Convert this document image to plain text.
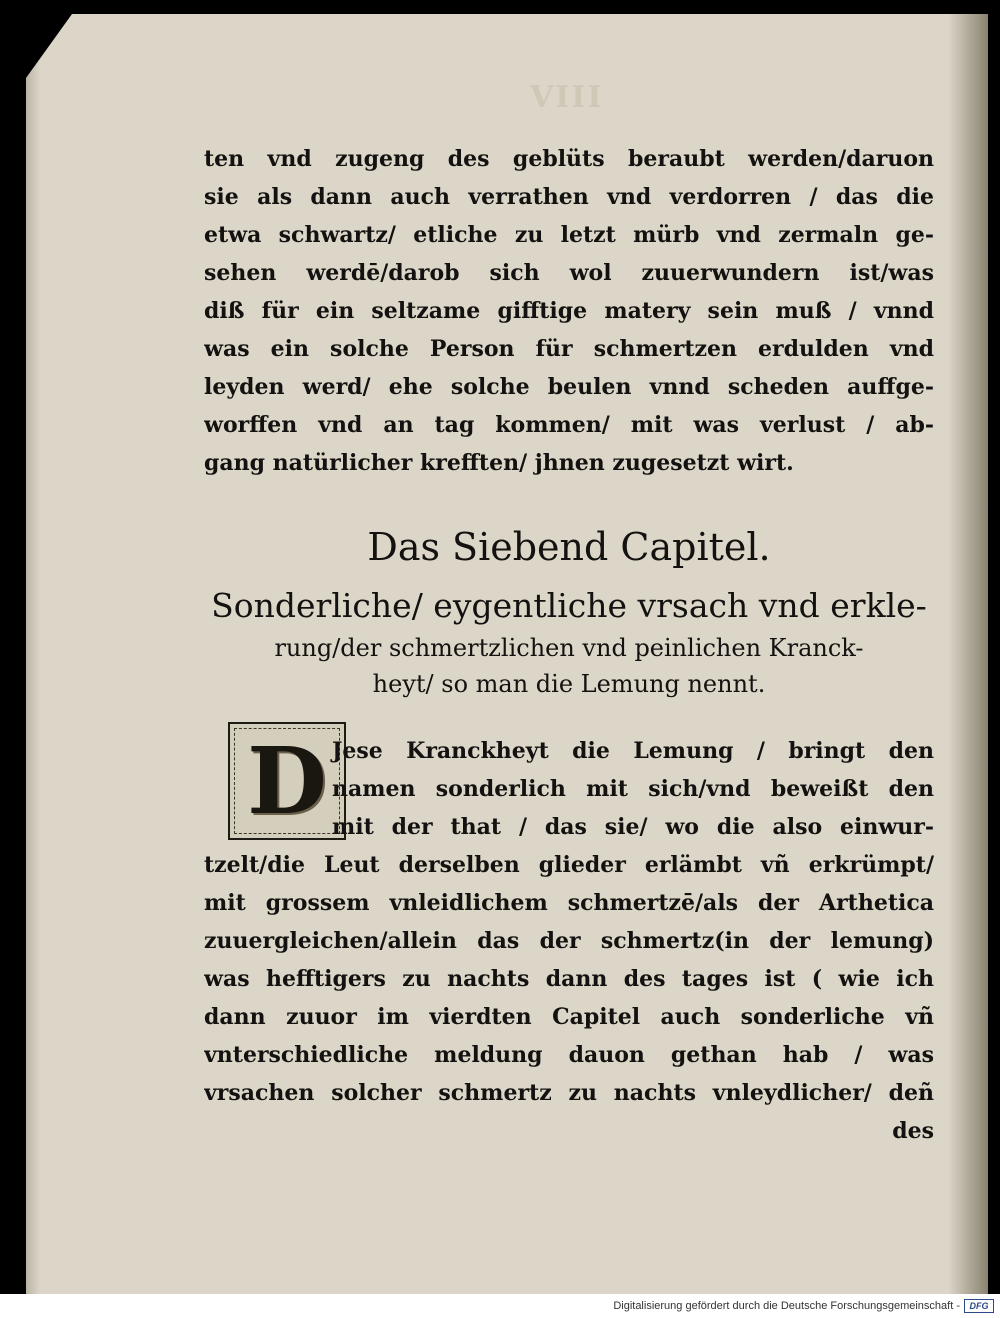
VIII
ten vnd zugeng des geblüts beraubt werden/daruon
sie als dann auch verrathen vnd verdorren / das die
etwa schwartz/ etliche zu letzt mürb vnd zermaln ge-
sehen werdē/darob sich wol zuuerwundern ist/was
diß für ein seltzame gifftige matery sein muß / vnnd
was ein solche Person für schmertzen erdulden vnd
leyden werd/ ehe solche beulen vnnd scheden auffge-
worffen vnd an tag kommen/ mit was verlust / ab-
gang natürlicher krefften/ jhnen zugesetzt wirt.
Das Siebend Capitel.
Sonderliche/ eygentliche vrsach vnd erkle-
rung/der schmertzlichen vnd peinlichen Kranck-
heyt/ so man die Lemung nennt.
D Jese Kranckheyt die Lemung / bringt den
namen sonderlich mit sich/vnd beweißt den
mit der that / das sie/ wo die also einwur-
tzelt/die Leut derselben glieder erlämbt vñ erkrümpt/
mit grossem vnleidlichem schmertzē/als der Arthetica
zuuergleichen/allein das der schmertz(in der lemung)
was hefftigers zu nachts dann des tages ist ( wie ich
dann zuuor im vierdten Capitel auch sonderliche vñ
vnterschiedliche meldung dauon gethan hab / was
vrsachen solcher schmertz zu nachts vnleydlicher/ deñ
des
Digitalisierung gefördert durch die Deutsche Forschungsgemeinschaft -	DFG
